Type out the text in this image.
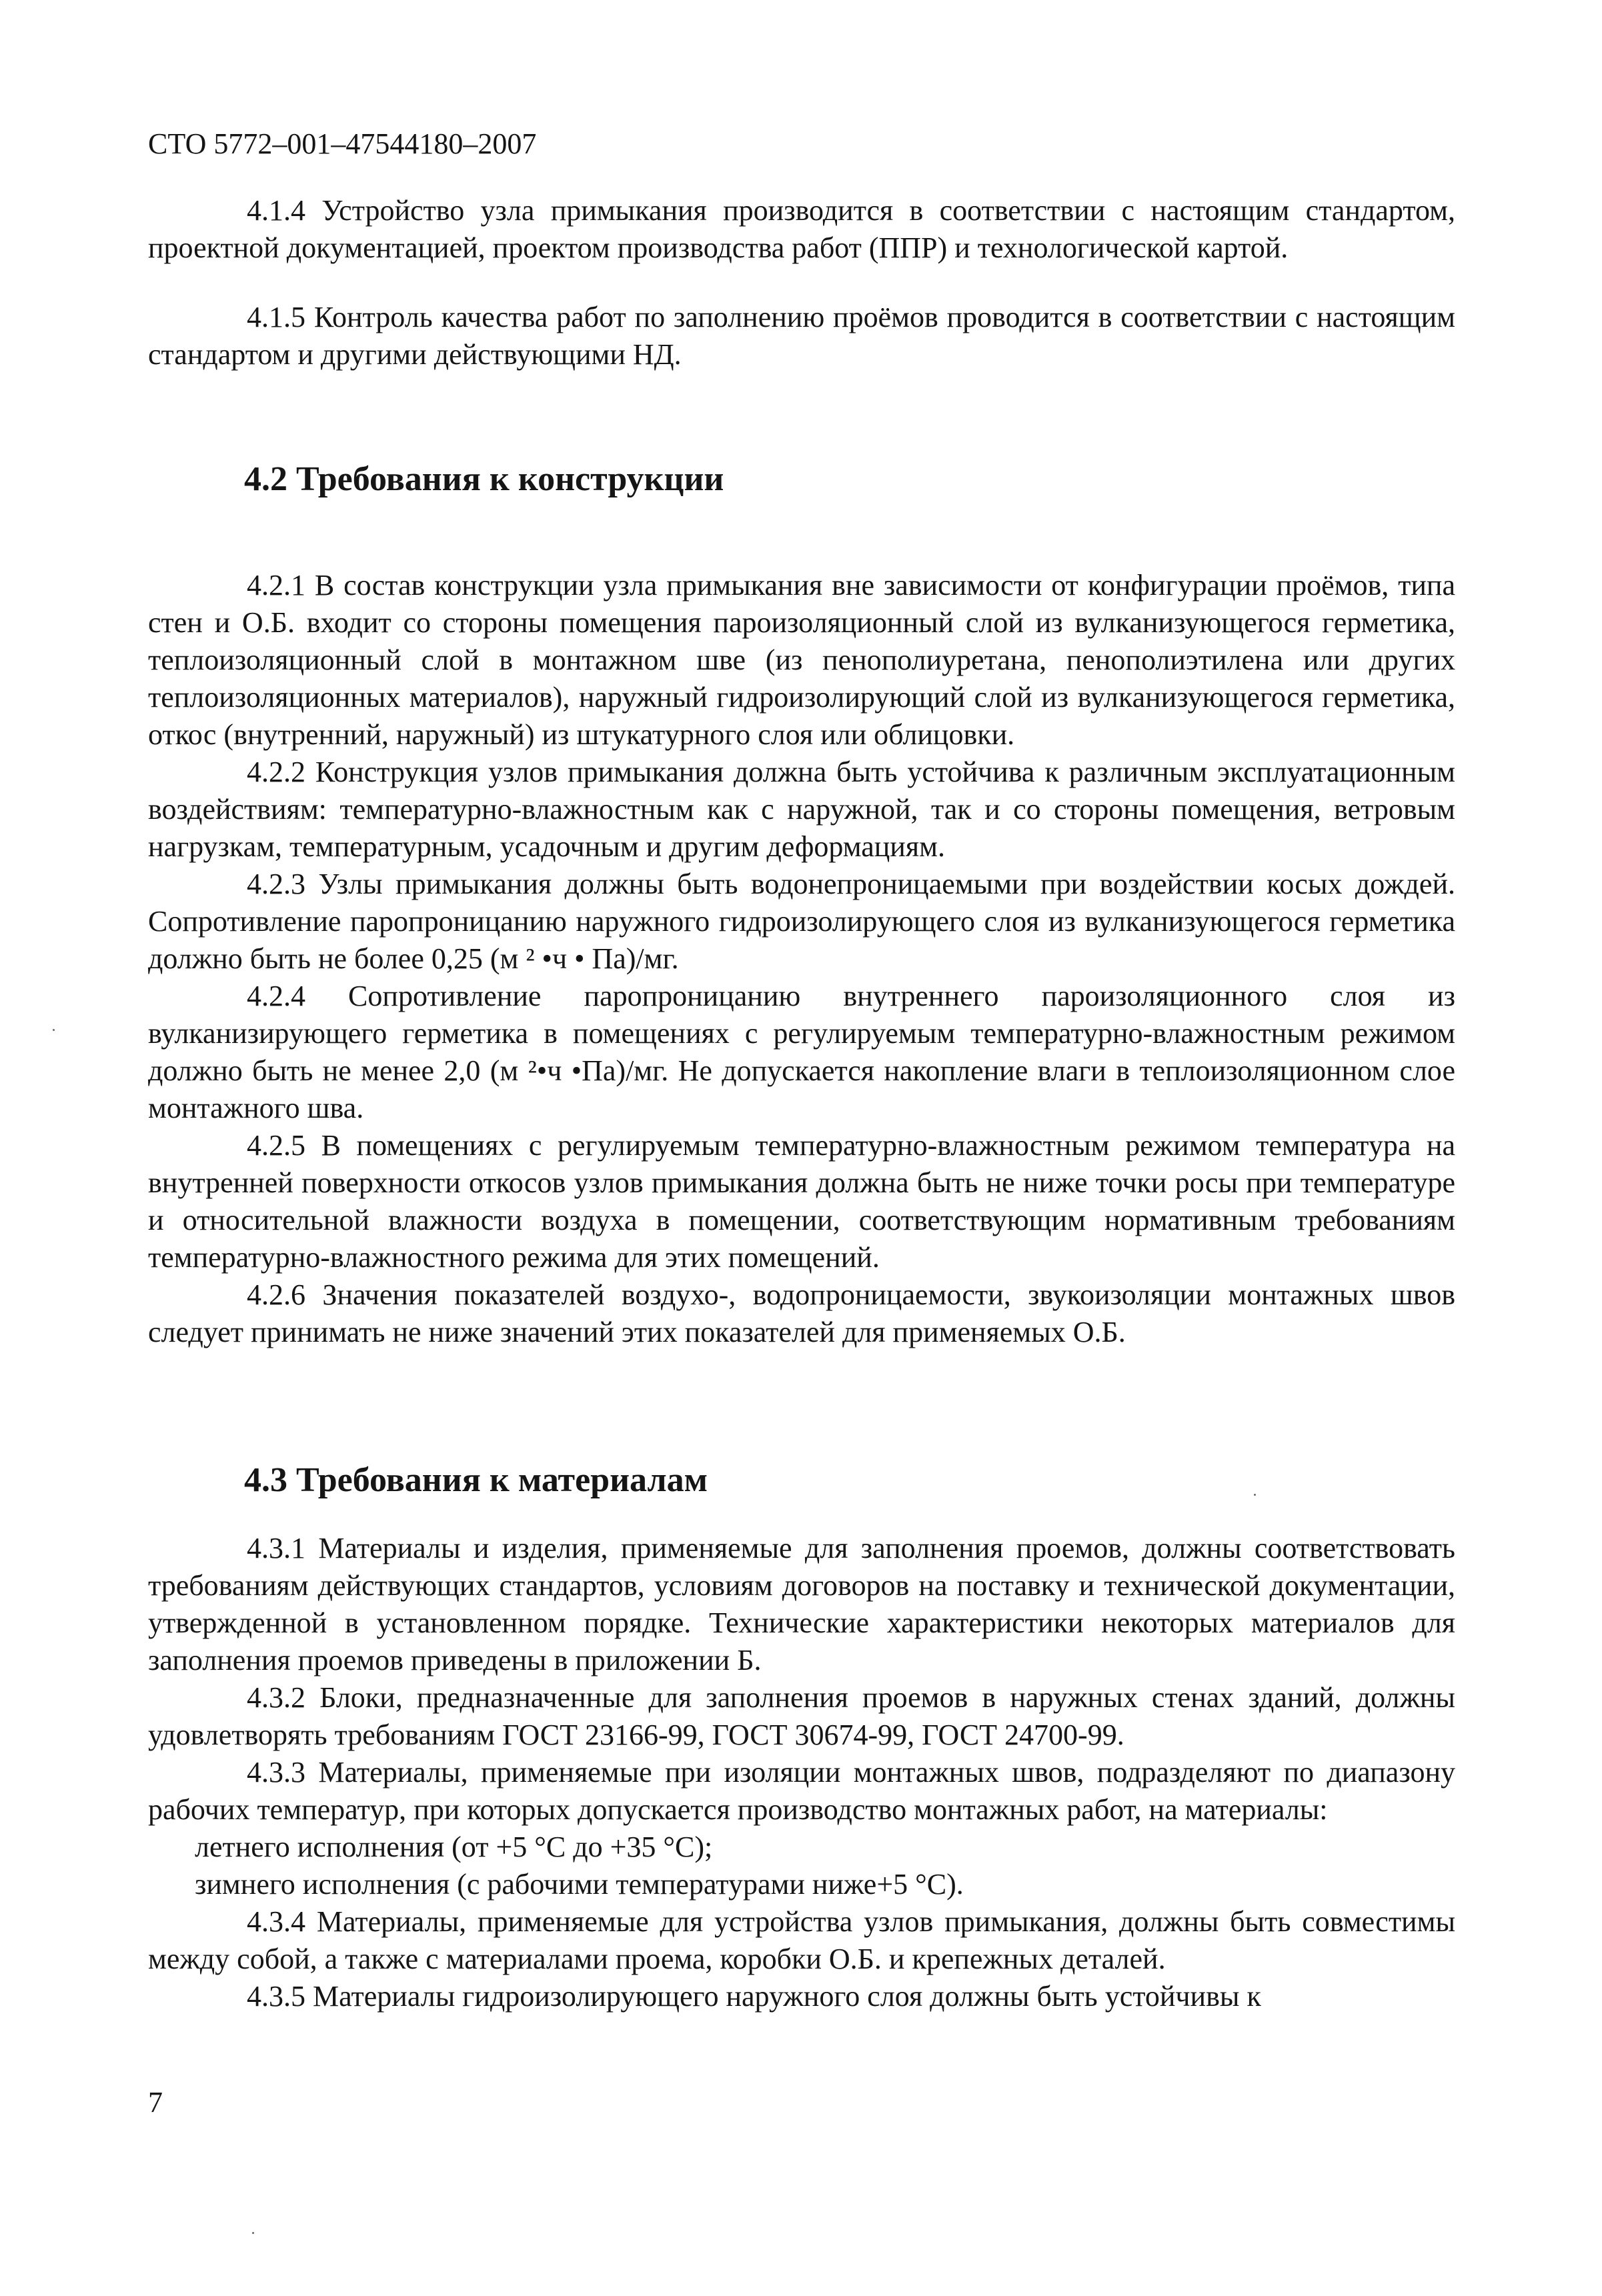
СТО 5772–001–47544180–2007

4.1.4 Устройство узла примыкания производится в соответствии с настоящим стандартом, проектной документацией, проектом производства работ (ППР) и технологической картой.

4.1.5 Контроль качества работ по заполнению проёмов проводится в соответствии с настоящим стандартом и другими действующими НД.

4.2 Требования к конструкции

4.2.1 В состав конструкции узла примыкания вне зависимости от конфигурации проёмов, типа стен и О.Б. входит со стороны помещения пароизоляционный слой из вулканизующегося герметика, теплоизоляционный слой в монтажном шве (из пенополиуретана, пенополиэтилена или других теплоизоляционных материалов), наружный гидроизолирующий слой из вулканизующегося герметика, откос (внутренний, наружный) из штукатурного слоя или облицовки.

4.2.2 Конструкция узлов примыкания должна быть устойчива к различным эксплуатационным воздействиям: температурно-влажностным как с наружной, так и со стороны помещения, ветровым нагрузкам, температурным, усадочным и другим деформациям.

4.2.3 Узлы примыкания должны быть водонепроницаемыми при воздействии косых дождей. Сопротивление паропроницанию наружного гидроизолирующего слоя из вулканизующегося герметика должно быть не более 0,25 (м ² •ч • Па)/мг.

4.2.4 Сопротивление паропроницанию внутреннего пароизоляционного слоя из вулканизирующего герметика в помещениях с регулируемым температурно-влажностным режимом должно быть не менее 2,0 (м ²•ч •Па)/мг. Не допускается накопление влаги в теплоизоляционном слое монтажного шва.

4.2.5 В помещениях с регулируемым температурно-влажностным режимом температура на внутренней поверхности откосов узлов примыкания должна быть не ниже точки росы при температуре и относительной влажности воздуха в помещении, соответствующим нормативным требованиям температурно-влажностного режима для этих помещений.

4.2.6 Значения показателей воздухо-, водопроницаемости, звукоизоляции монтажных швов следует принимать не ниже значений этих показателей для применяемых О.Б.

4.3 Требования к материалам

4.3.1 Материалы и изделия, применяемые для заполнения проемов, должны соответствовать требованиям действующих стандартов, условиям договоров на поставку и технической документации, утвержденной в установленном порядке. Технические характеристики некоторых материалов для заполнения проемов приведены в приложении Б.

4.3.2 Блоки, предназначенные для заполнения проемов в наружных стенах зданий, должны удовлетворять требованиям ГОСТ 23166-99, ГОСТ 30674-99, ГОСТ 24700-99.

4.3.3 Материалы, применяемые при изоляции монтажных швов, подразделяют по диапазону рабочих температур, при которых допускается производство монтажных работ, на материалы:

летнего исполнения (от +5 °С до +35 °С);

зимнего исполнения (с рабочими температурами ниже+5 °С).

4.3.4 Материалы, применяемые для устройства узлов примыкания, должны быть совместимы между собой, а также с материалами проема, коробки О.Б. и крепежных деталей.

4.3.5 Материалы гидроизолирующего наружного слоя должны быть устойчивы к

7
